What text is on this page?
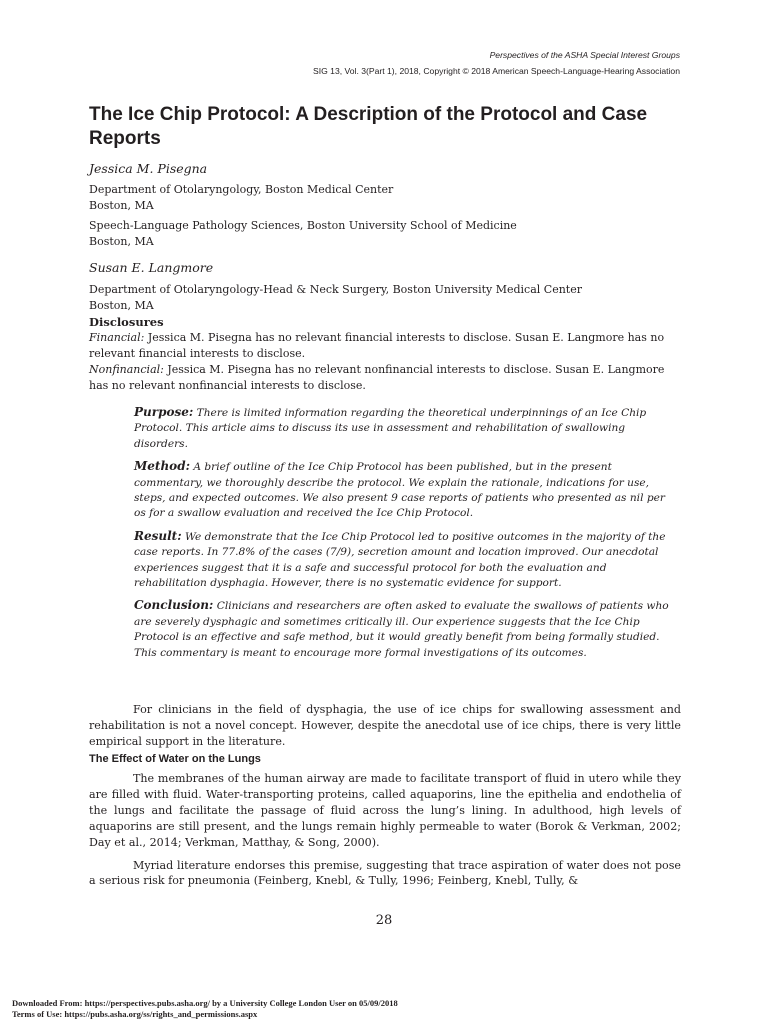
Perspectives of the ASHA Special Interest Groups
SIG 13, Vol. 3(Part 1), 2018, Copyright © 2018 American Speech-Language-Hearing Association
The Ice Chip Protocol: A Description of the Protocol and Case Reports
Jessica M. Pisegna
Department of Otolaryngology, Boston Medical Center
Boston, MA
Speech-Language Pathology Sciences, Boston University School of Medicine
Boston, MA
Susan E. Langmore
Department of Otolaryngology-Head & Neck Surgery, Boston University Medical Center
Boston, MA
Disclosures
Financial: Jessica M. Pisegna has no relevant financial interests to disclose. Susan E. Langmore has no relevant financial interests to disclose.
Nonfinancial: Jessica M. Pisegna has no relevant nonfinancial interests to disclose. Susan E. Langmore has no relevant nonfinancial interests to disclose.

Purpose: There is limited information regarding the theoretical underpinnings of an Ice Chip Protocol. This article aims to discuss its use in assessment and rehabilitation of swallowing disorders.

Method: A brief outline of the Ice Chip Protocol has been published, but in the present commentary, we thoroughly describe the protocol. We explain the rationale, indications for use, steps, and expected outcomes. We also present 9 case reports of patients who presented as nil per os for a swallow evaluation and received the Ice Chip Protocol.

Result: We demonstrate that the Ice Chip Protocol led to positive outcomes in the majority of the case reports. In 77.8% of the cases (7/9), secretion amount and location improved. Our anecdotal experiences suggest that it is a safe and successful protocol for both the evaluation and rehabilitation dysphagia. However, there is no systematic evidence for support.

Conclusion: Clinicians and researchers are often asked to evaluate the swallows of patients who are severely dysphagic and sometimes critically ill. Our experience suggests that the Ice Chip Protocol is an effective and safe method, but it would greatly benefit from being formally studied. This commentary is meant to encourage more formal investigations of its outcomes.

For clinicians in the field of dysphagia, the use of ice chips for swallowing assessment and rehabilitation is not a novel concept. However, despite the anecdotal use of ice chips, there is very little empirical support in the literature.

The Effect of Water on the Lungs

The membranes of the human airway are made to facilitate transport of fluid in utero while they are filled with fluid. Water-transporting proteins, called aquaporins, line the epithelia and endothelia of the lungs and facilitate the passage of fluid across the lung’s lining. In adulthood, high levels of aquaporins are still present, and the lungs remain highly permeable to water (Borok & Verkman, 2002; Day et al., 2014; Verkman, Matthay, & Song, 2000).

Myriad literature endorses this premise, suggesting that trace aspiration of water does not pose a serious risk for pneumonia (Feinberg, Knebl, & Tully, 1996; Feinberg, Knebl, Tully, &

28
Downloaded From: https://perspectives.pubs.asha.org/ by a University College London User on 05/09/2018
Terms of Use: https://pubs.asha.org/ss/rights_and_permissions.aspx
